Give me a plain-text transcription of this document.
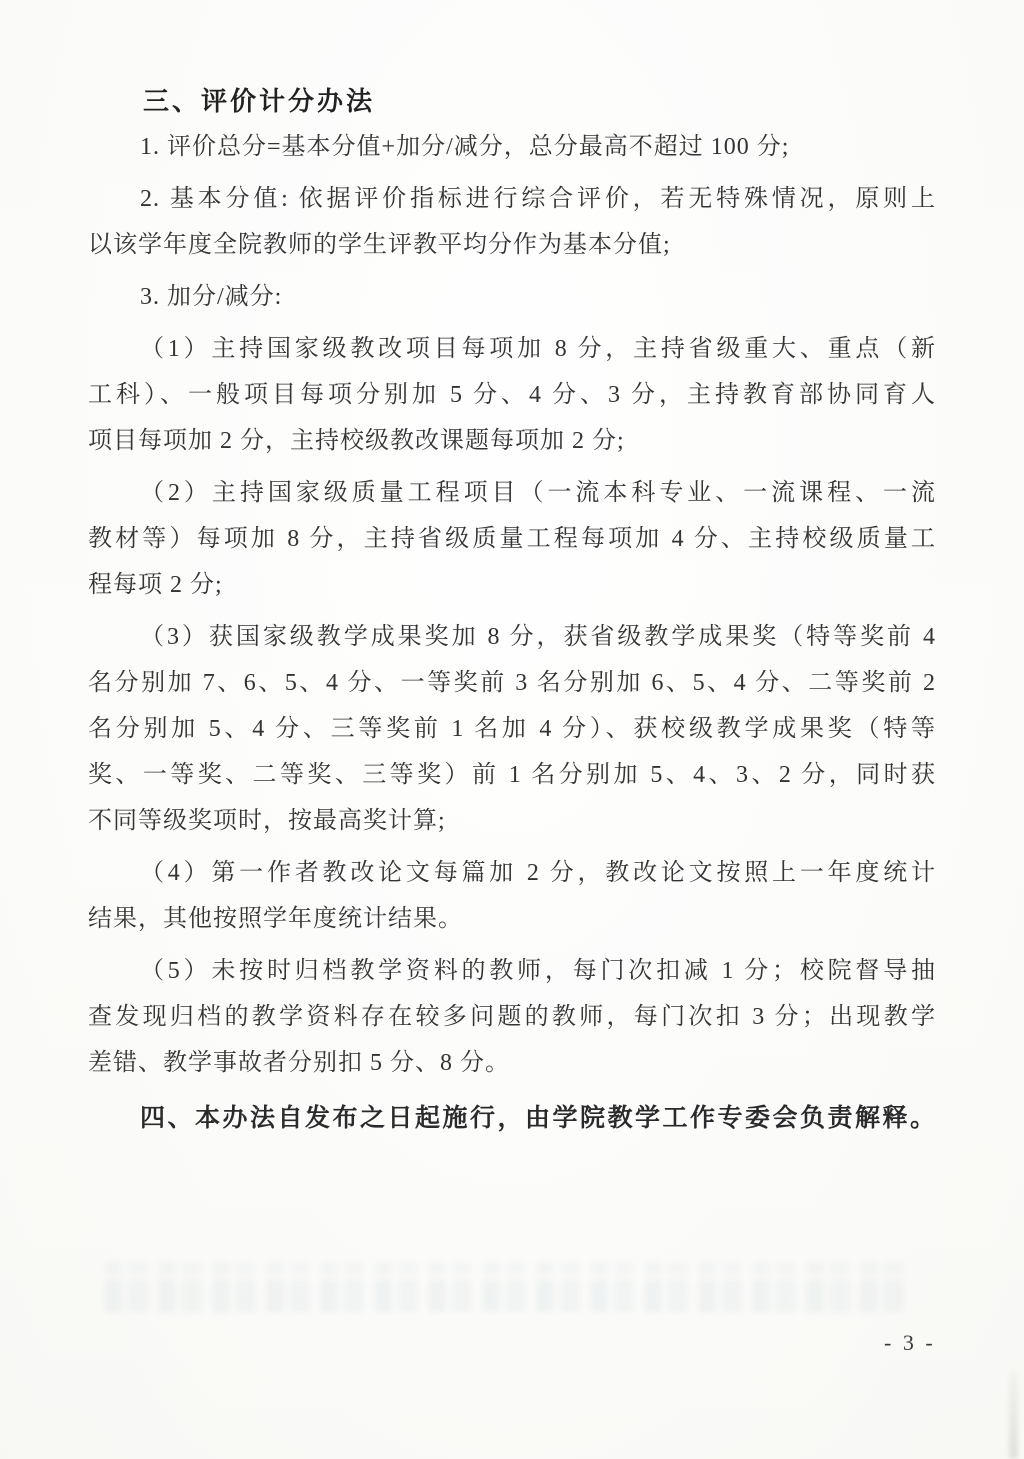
三、评价计分办法
1. 评价总分=基本分值+加分/减分，总分最高不超过 100 分;
2. 基本分值: 依据评价指标进行综合评价，若无特殊情况，原则上
以该学年度全院教师的学生评教平均分作为基本分值;
3. 加分/减分:
（1）主持国家级教改项目每项加 8 分，主持省级重大、重点（新
工科）、一般项目每项分别加 5 分、4 分、3 分，主持教育部协同育人
项目每项加 2 分，主持校级教改课题每项加 2 分;
（2）主持国家级质量工程项目（一流本科专业、一流课程、一流
教材等）每项加 8 分，主持省级质量工程每项加 4 分、主持校级质量工
程每项 2 分;
（3）获国家级教学成果奖加 8 分，获省级教学成果奖（特等奖前 4
名分别加 7、6、5、4 分、一等奖前 3 名分别加 6、5、4 分、二等奖前 2
名分别加 5、4 分、三等奖前 1 名加 4 分）、获校级教学成果奖（特等
奖、一等奖、二等奖、三等奖）前 1 名分别加 5、4、3、2 分，同时获
不同等级奖项时，按最高奖计算;
（4）第一作者教改论文每篇加 2 分，教改论文按照上一年度统计
结果，其他按照学年度统计结果。
（5）未按时归档教学资料的教师，每门次扣减 1 分；校院督导抽
查发现归档的教学资料存在较多问题的教师，每门次扣 3 分；出现教学
差错、教学事故者分别扣 5 分、8 分。
四、本办法自发布之日起施行，由学院教学工作专委会负责解释。
- 3 -
